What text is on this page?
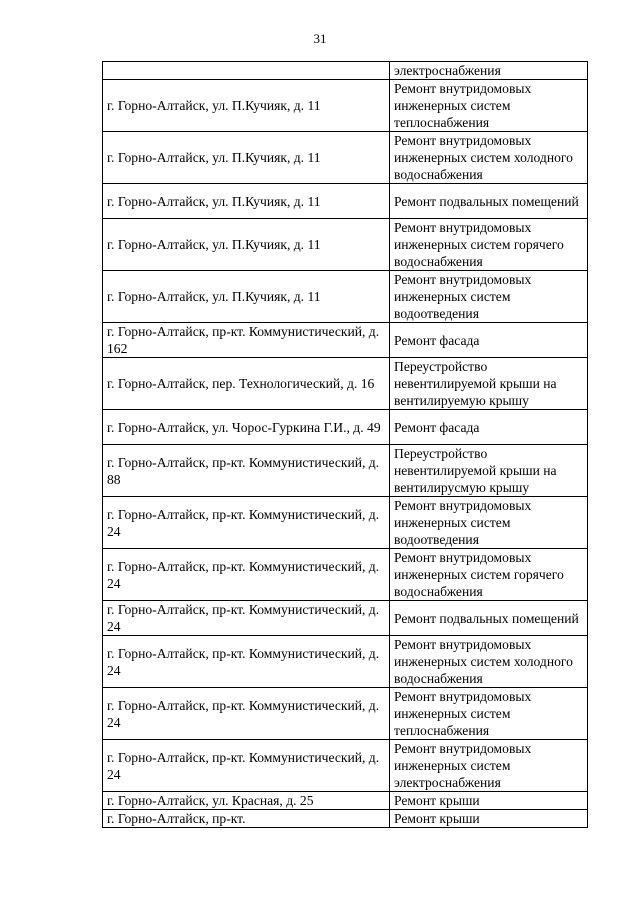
31
	электроснабжения
г. Горно-Алтайск, ул. П.Кучияк, д. 11	Ремонт внутридомовых инженерных систем теплоснабжения
г. Горно-Алтайск, ул. П.Кучияк, д. 11	Ремонт внутридомовых инженерных систем холодного водоснабжения
г. Горно-Алтайск, ул. П.Кучияк, д. 11	Ремонт подвальных помещений
г. Горно-Алтайск, ул. П.Кучияк, д. 11	Ремонт внутридомовых инженерных систем горячего водоснабжения
г. Горно-Алтайск, ул. П.Кучияк, д. 11	Ремонт внутридомовых инженерных систем водоотведения
г. Горно-Алтайск, пр-кт. Коммунистический, д. 162	Ремонт фасада
г. Горно-Алтайск, пер. Технологический, д. 16	Переустройство невентилируемой крыши на вентилируемую крышу
г. Горно-Алтайск, ул. Чорос-Гуркина Г.И., д. 49	Ремонт фасада
г. Горно-Алтайск, пр-кт. Коммунистический, д. 88	Переустройство невентилируемой крыши на вентилирусмую крышу
г. Горно-Алтайск, пр-кт. Коммунистический, д. 24	Ремонт внутридомовых инженерных систем водоотведения
г. Горно-Алтайск, пр-кт. Коммунистический, д. 24	Ремонт внутридомовых инженерных систем горячего водоснабжения
г. Горно-Алтайск, пр-кт. Коммунистический, д. 24	Ремонт подвальных помещений
г. Горно-Алтайск, пр-кт. Коммунистический, д. 24	Ремонт внутридомовых инженерных систем холодного водоснабжения
г. Горно-Алтайск, пр-кт. Коммунистический, д. 24	Ремонт внутридомовых инженерных систем теплоснабжения
г. Горно-Алтайск, пр-кт. Коммунистический, д. 24	Ремонт внутридомовых инженерных систем электроснабжения
г. Горно-Алтайск, ул. Красная, д. 25	Ремонт крыши
г. Горно-Алтайск, пр-кт.	Ремонт крыши
